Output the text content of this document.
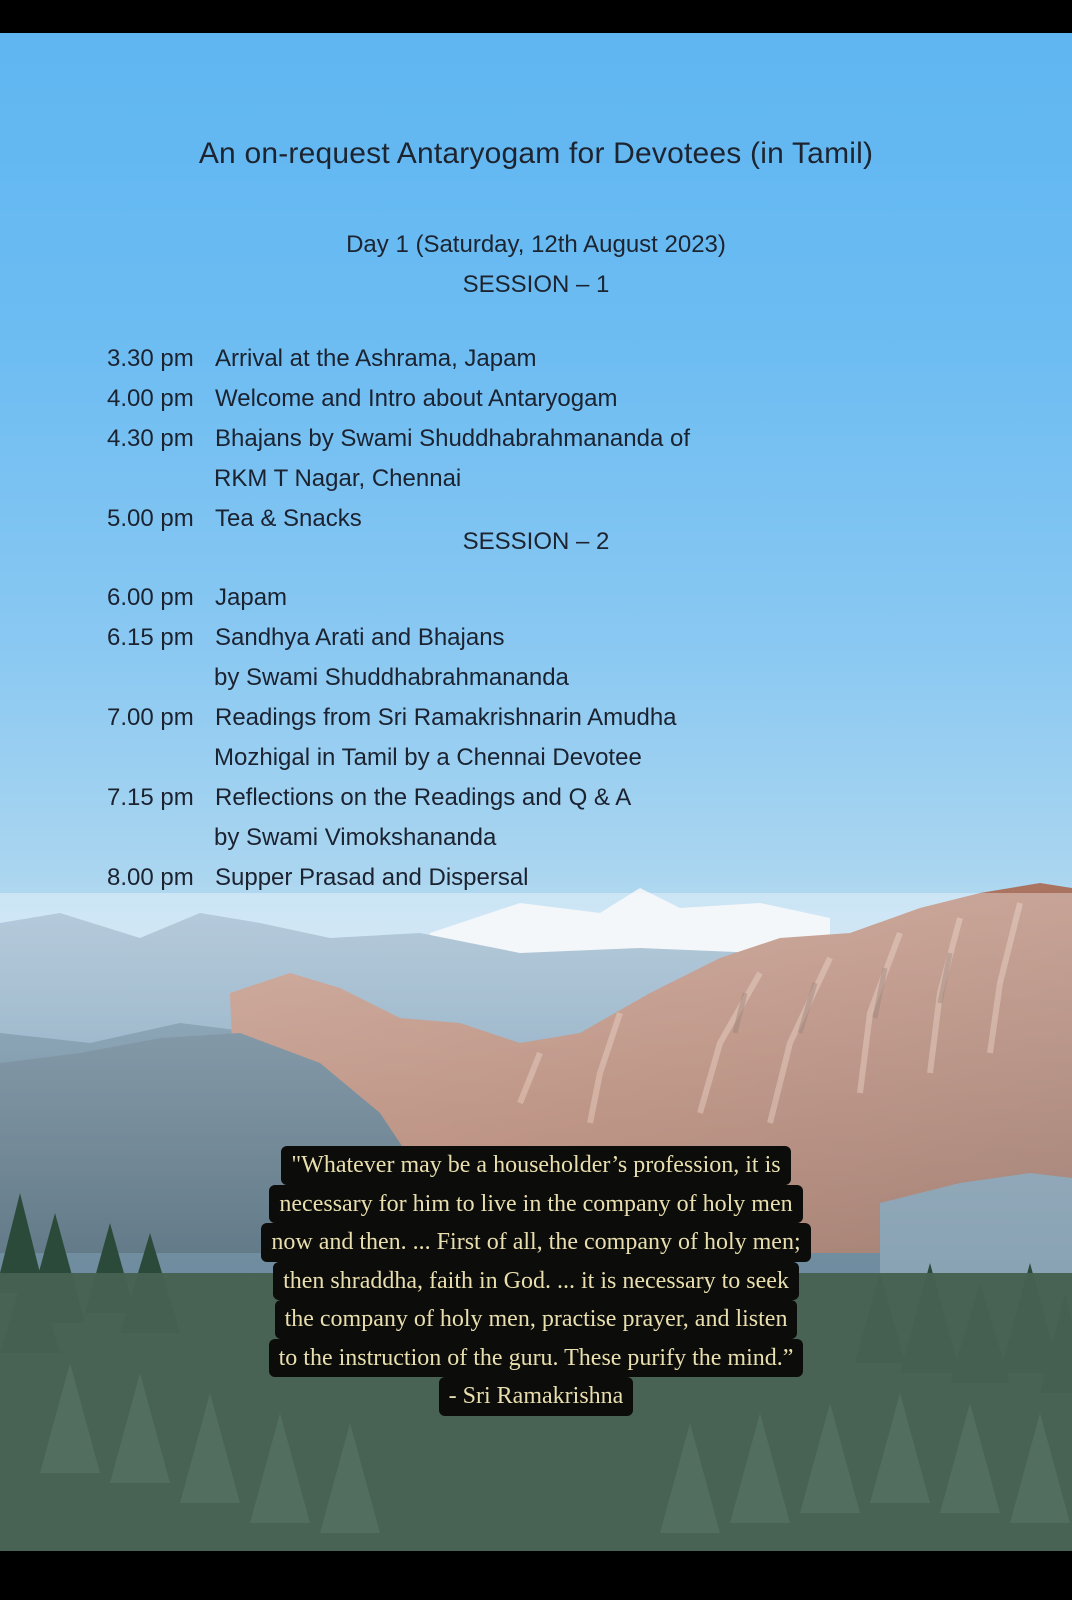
An on-request Antaryogam for Devotees (in Tamil)
Day 1 (Saturday, 12th August 2023)
SESSION – 1
3.30 pm Arrival at the Ashrama, Japam
4.00 pm Welcome and Intro about Antaryogam
4.30 pm Bhajans by Swami Shuddhabrahmananda of
RKM T Nagar, Chennai
5.00 pm Tea & Snacks
SESSION – 2
6.00 pm Japam
6.15 pm Sandhya Arati and Bhajans
by Swami Shuddhabrahmananda
7.00 pm Readings from Sri Ramakrishnarin Amudha
Mozhigal in Tamil by a Chennai Devotee
7.15 pm Reflections on the Readings and Q & A
by Swami Vimokshananda
8.00 pm Supper Prasad and Dispersal
"Whatever may be a householder’s profession, it is
necessary for him to live in the company of holy men
now and then. ... First of all, the company of holy men;
then shraddha, faith in God. ... it is necessary to seek
the company of holy men, practise prayer, and listen
to the instruction of the guru. These purify the mind.”
- Sri Ramakrishna
